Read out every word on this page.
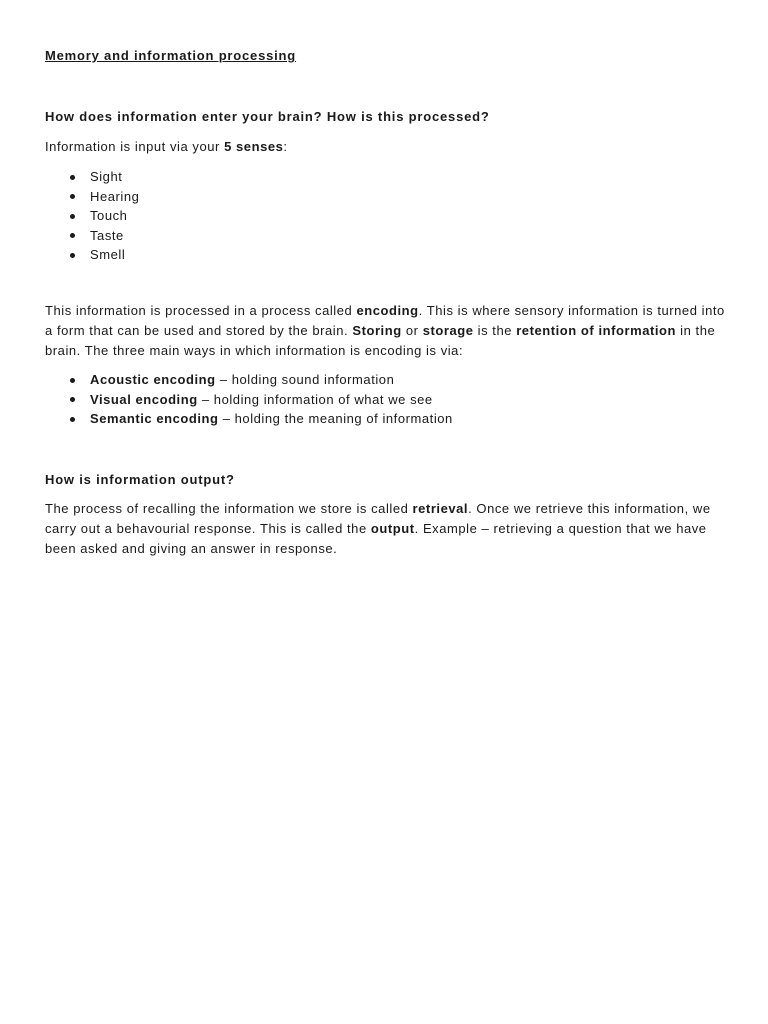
Memory and information processing
How does information enter your brain? How is this processed?

Information is input via your 5 senses:

Sight
Hearing
Touch
Taste
Smell

This information is processed in a process called encoding. This is where sensory information is turned into a form that can be used and stored by the brain. Storing or storage is the retention of information in the brain. The three main ways in which information is encoding is via:

Acoustic encoding – holding sound information
Visual encoding – holding information of what we see
Semantic encoding – holding the meaning of information
How is information output?

The process of recalling the information we store is called retrieval. Once we retrieve this information, we carry out a behavourial response. This is called the output. Example – retrieving a question that we have been asked and giving an answer in response.
